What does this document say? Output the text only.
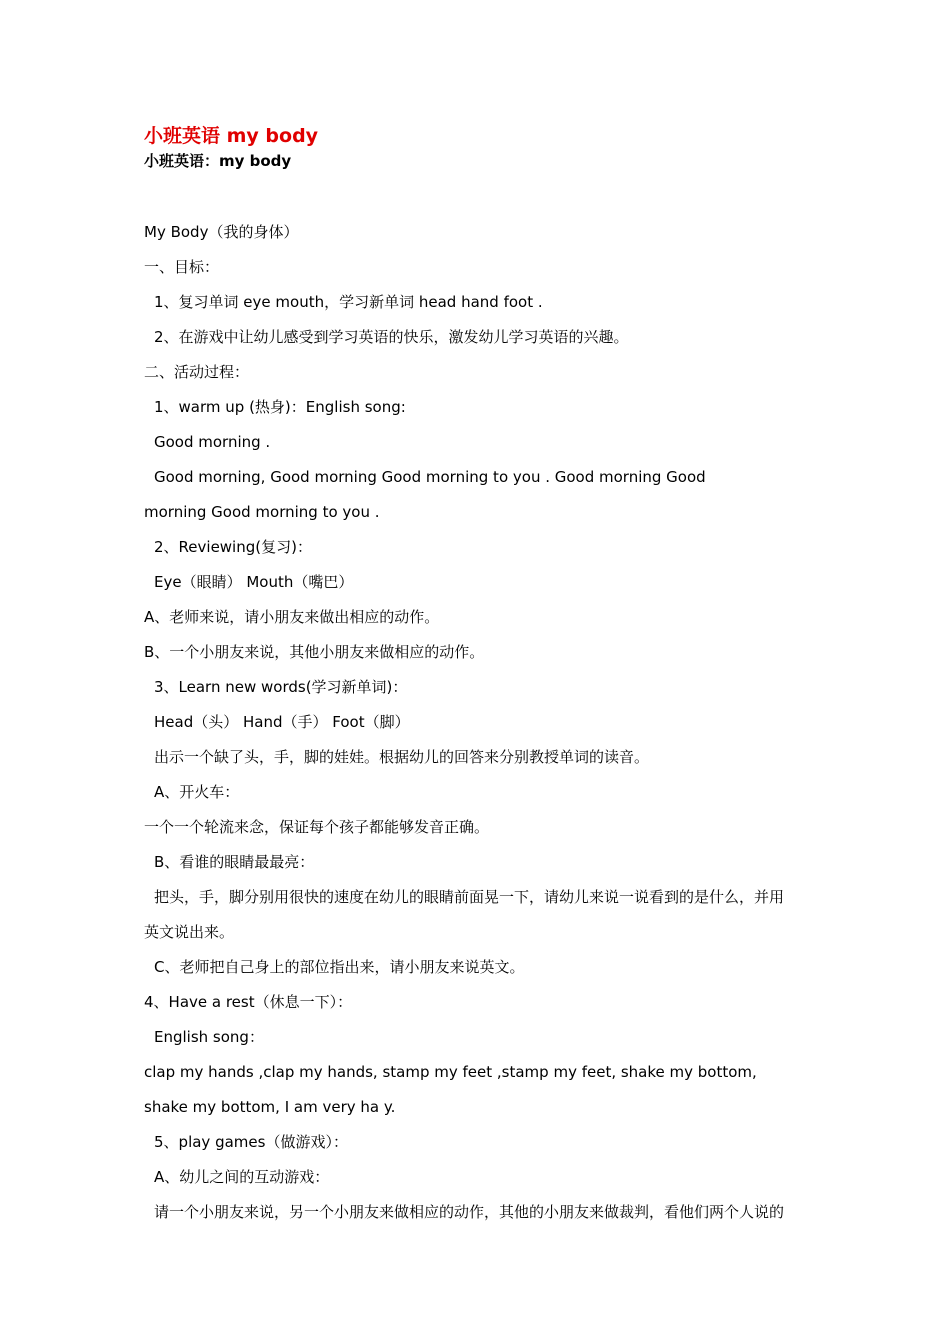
小班英语 my body
小班英语：my body
My Body（我的身体）
一、目标：
1、复习单词 eye mouth，学习新单词 head hand foot .
2、在游戏中让幼儿感受到学习英语的快乐，激发幼儿学习英语的兴趣。
二、活动过程：
1、warm up (热身)：English song:
Good morning .
Good morning, Good morning Good morning to you . Good morning Good
morning Good morning to you .
2、Reviewing(复习)：
Eye（眼睛） Mouth（嘴巴）
A、老师来说，请小朋友来做出相应的动作。
B、一个小朋友来说，其他小朋友来做相应的动作。
3、Learn new words(学习新单词)：
Head（头） Hand（手） Foot（脚）
出示一个缺了头，手，脚的娃娃。根据幼儿的回答来分别教授单词的读音。
A、开火车：
一个一个轮流来念，保证每个孩子都能够发音正确。
B、看谁的眼睛最最亮：
把头，手，脚分别用很快的速度在幼儿的眼睛前面晃一下，请幼儿来说一说看到的是什么，并用
英文说出来。
C、老师把自己身上的部位指出来，请小朋友来说英文。
4、Have a rest（休息一下）：
English song：
clap my hands ,clap my hands, stamp my feet ,stamp my feet, shake my bottom,
shake my bottom, I am very ha y.
5、play games（做游戏）：
A、幼儿之间的互动游戏：
请一个小朋友来说，另一个小朋友来做相应的动作，其他的小朋友来做裁判，看他们两个人说的
